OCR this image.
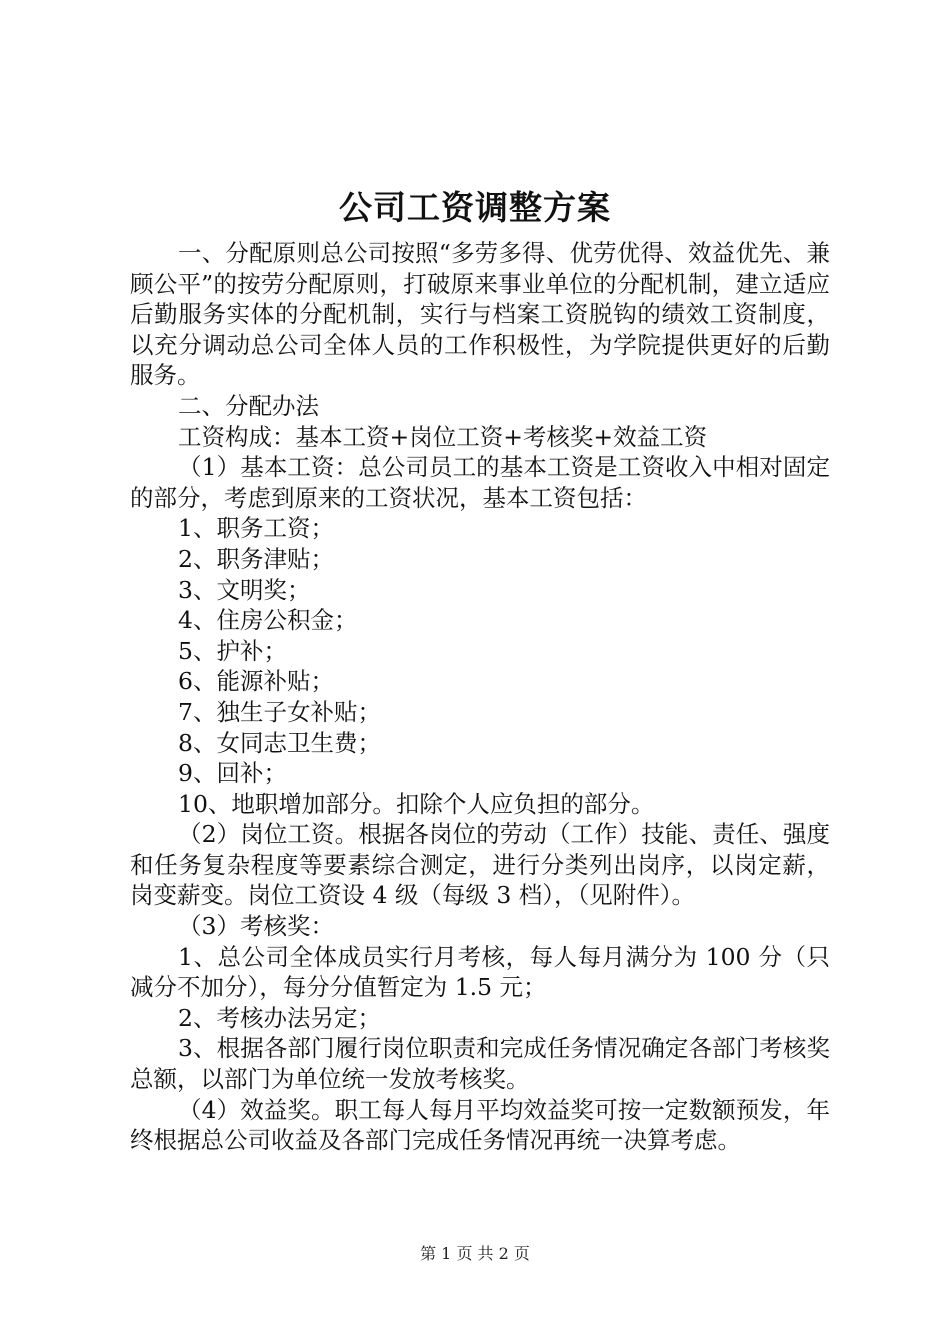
公司工资调整方案

一、分配原则总公司按照“多劳多得、优劳优得、效益优先、兼顾公平”的按劳分配原则，打破原来事业单位的分配机制，建立适应后勤服务实体的分配机制，实行与档案工资脱钩的绩效工资制度，以充分调动总公司全体人员的工作积极性，为学院提供更好的后勤服务。

二、分配办法

工资构成：基本工资+岗位工资+考核奖+效益工资

（1）基本工资：总公司员工的基本工资是工资收入中相对固定的部分，考虑到原来的工资状况，基本工资包括：

1、职务工资；

2、职务津贴；

3、文明奖；

4、住房公积金；

5、护补；

6、能源补贴；

7、独生子女补贴；

8、女同志卫生费；

9、回补；

10、地职增加部分。扣除个人应负担的部分。

（2）岗位工资。根据各岗位的劳动（工作）技能、责任、强度和任务复杂程度等要素综合测定，进行分类列出岗序，以岗定薪，岗变薪变。岗位工资设 4 级（每级 3 档），（见附件）。

（3）考核奖：

1、总公司全体成员实行月考核，每人每月满分为 100 分（只减分不加分），每分分值暂定为 1.5 元；

2、考核办法另定；

3、根据各部门履行岗位职责和完成任务情况确定各部门考核奖总额，以部门为单位统一发放考核奖。

（4）效益奖。职工每人每月平均效益奖可按一定数额预发，年终根据总公司收益及各部门完成任务情况再统一决算考虑。

第 1 页 共 2 页
